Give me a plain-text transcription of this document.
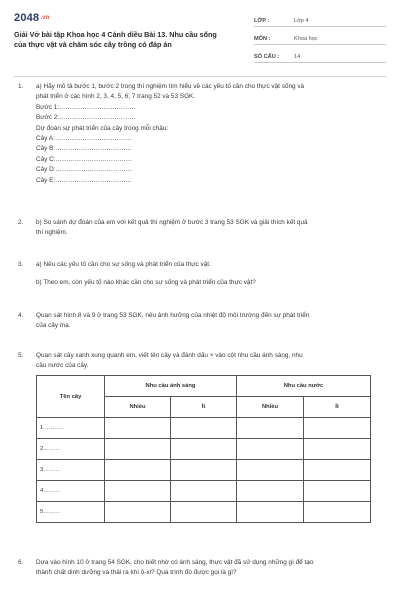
2048.vn
Giải Vở bài tập Khoa học 4 Cánh diều Bài 13. Nhu cầu sống
của thực vật và chăm sóc cây trồng có đáp án
LỚP :	Lớp 4
MÔN :	Khoa học
SỐ CÂU :	14
1. a) Hãy mô tả bước 1, bước 2 trong thí nghiệm tìm hiểu về các yếu tố cần cho thực vật sống và
phát triển ở các hình 2, 3, 4, 5, 6, 7 trang 52 và 53 SGK.
Bước 1:………………………………
Bước 2:………………………………
Dự đoán sự phát triển của cây trong mỗi chậu:
Cây A:………………………………
Cây B:………………………………
Cây C:………………………………
Cây D:………………………………
Cây E:………………………………
2. b) So sánh dự đoán của em với kết quả thí nghiệm ở bước 3 trang 53 SGK và giải thích kết quả
thí nghiệm.
3. a) Nêu các yếu tố cần cho sự sống và phát triển của thực vật.
b) Theo em, còn yếu tố nào khác cần cho sự sống và phát triển của thực vật?
4. Quan sát hình 8 và 9 ở trang 53 SGK, nêu ảnh hưởng của nhiệt độ môi trường đến sự phát triển
của cây mạ.
5. Quan sát cây xanh xung quanh em, viết tên cây và đánh dấu × vào cột nhu cầu ánh sáng, nhu
cầu nước của cây.
Tên cây	Nhu cầu ánh sáng		Nhu cầu nước	
	Nhiều	Ít	Nhiều	Ít
1. ………				
2………				
3………				
4………				
5………				
6. Dựa vào hình 10 ở trang 54 SGK, cho biết nhờ có ánh sáng, thực vật đã sử dụng những gì để tạo
thành chất dinh dưỡng và thải ra khí ô-xi? Quá trình đó được gọi là gì?
